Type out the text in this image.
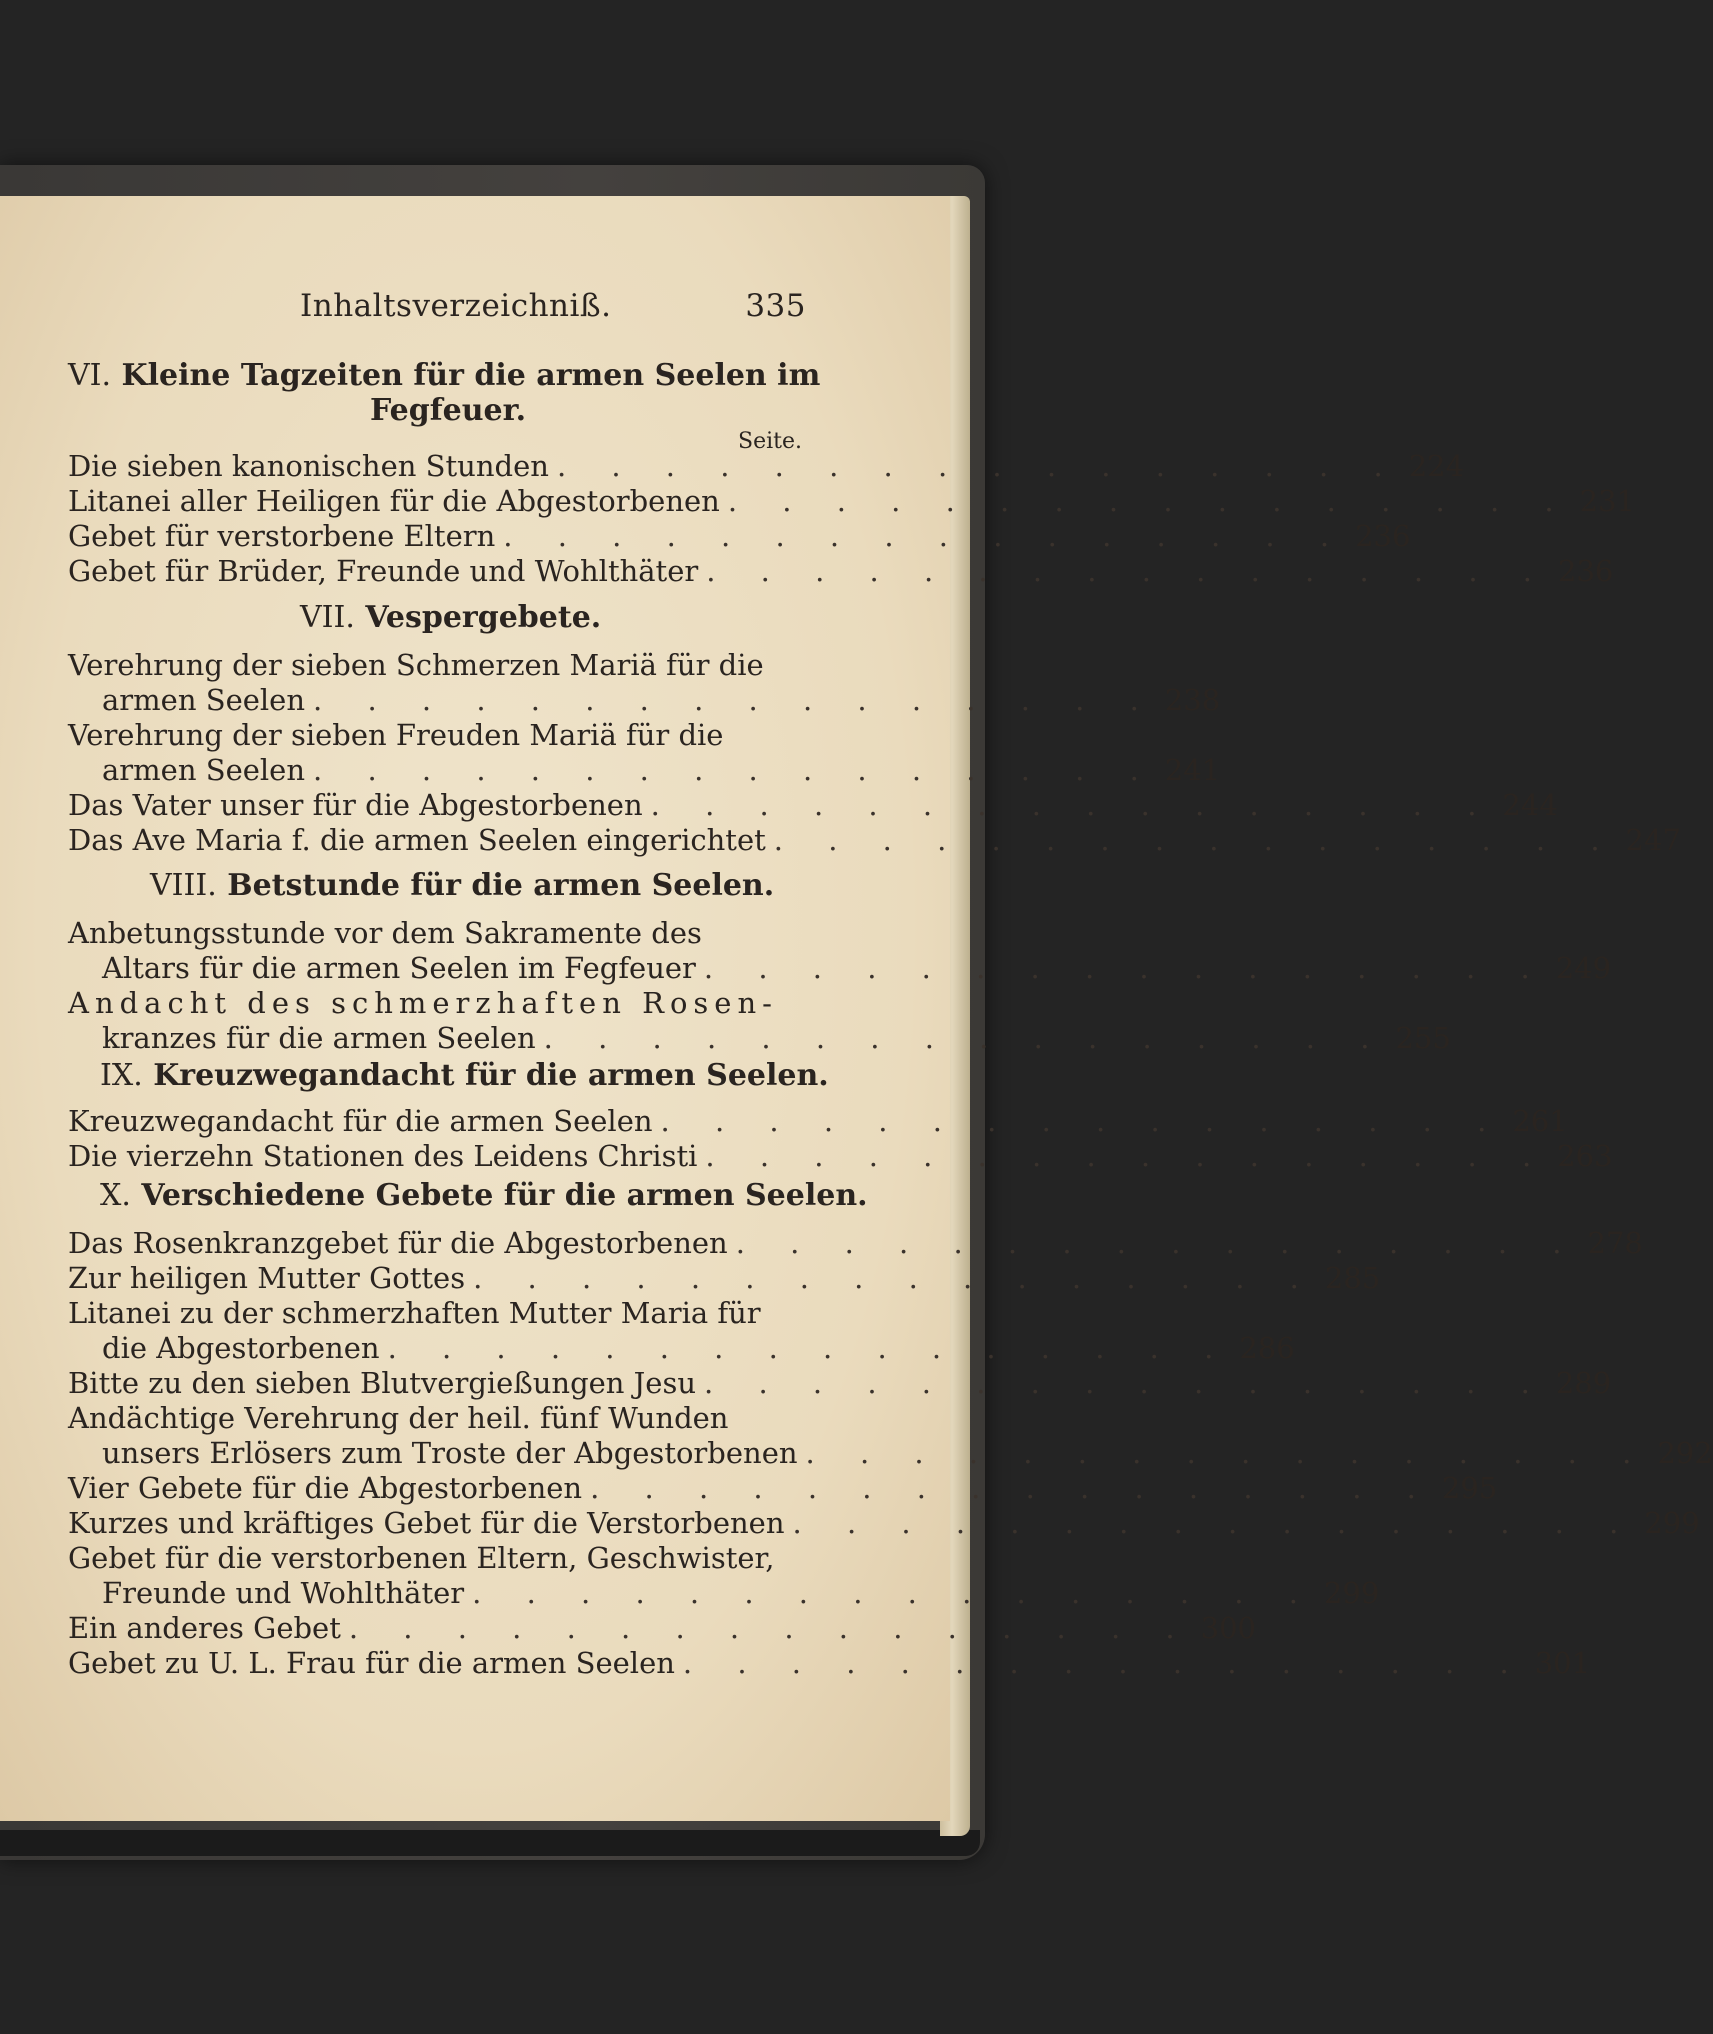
Inhaltsverzeichniß.	335
VI. Kleine Tagzeiten für die armen Seelen im
Fegfeuer.
Seite.
Die sieben kanonischen Stunden . . . . . . . . . . . . . . . . 224
Litanei aller Heiligen für die Abgestorbenen . . . . . . . . . . . . . . . . 231
Gebet für verstorbene Eltern . . . . . . . . . . . . . . . . 236
Gebet für Brüder, Freunde und Wohlthäter . . . . . . . . . . . . . . . . 236
VII. Vespergebete.
Verehrung der sieben Schmerzen Mariä für die
armen Seelen . . . . . . . . . . . . . . . . 238
Verehrung der sieben Freuden Mariä für die
armen Seelen . . . . . . . . . . . . . . . . 241
Das Vater unser für die Abgestorbenen . . . . . . . . . . . . . . . . 244
Das Ave Maria f. die armen Seelen eingerichtet . . . . . . . . . . . . . . . . 247
VIII. Betstunde für die armen Seelen.
Anbetungsstunde vor dem Sakramente des
Altars für die armen Seelen im Fegfeuer . . . . . . . . . . . . . . . . 249
Andacht des schmerzhaften Rosen-
kranzes für die armen Seelen . . . . . . . . . . . . . . . . 255
IX. Kreuzwegandacht für die armen Seelen.
Kreuzwegandacht für die armen Seelen . . . . . . . . . . . . . . . . 261
Die vierzehn Stationen des Leidens Christi . . . . . . . . . . . . . . . . 263
X. Verschiedene Gebete für die armen Seelen.
Das Rosenkranzgebet für die Abgestorbenen . . . . . . . . . . . . . . . . 278
Zur heiligen Mutter Gottes . . . . . . . . . . . . . . . . 285
Litanei zu der schmerzhaften Mutter Maria für
die Abgestorbenen . . . . . . . . . . . . . . . . 286
Bitte zu den sieben Blutvergießungen Jesu . . . . . . . . . . . . . . . . 289
Andächtige Verehrung der heil. fünf Wunden
unsers Erlösers zum Troste der Abgestorbenen . . . . . . . . . . . . . . . . 292
Vier Gebete für die Abgestorbenen . . . . . . . . . . . . . . . . 295
Kurzes und kräftiges Gebet für die Verstorbenen . . . . . . . . . . . . . . . . 299
Gebet für die verstorbenen Eltern, Geschwister,
Freunde und Wohlthäter . . . . . . . . . . . . . . . . 299
Ein anderes Gebet . . . . . . . . . . . . . . . . 300
Gebet zu U. L. Frau für die armen Seelen . . . . . . . . . . . . . . . . 301
